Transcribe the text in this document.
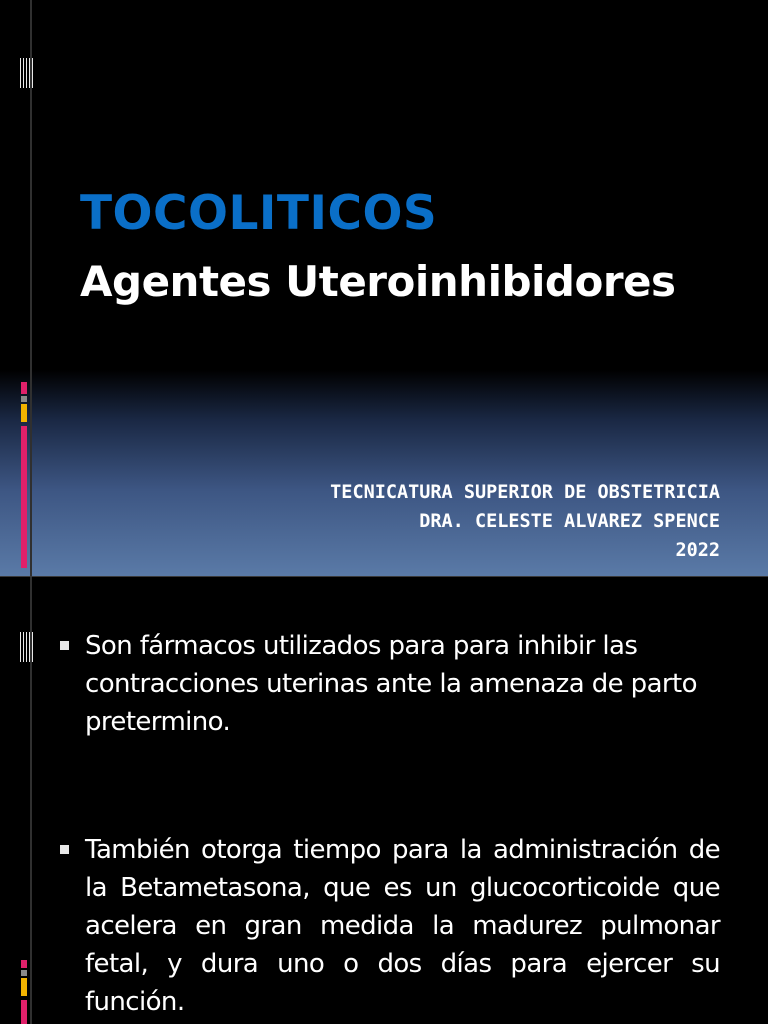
TOCOLITICOS
Agentes Uteroinhibidores
TECNICATURA SUPERIOR DE OBSTETRICIA
DRA. CELESTE ALVAREZ SPENCE
2022
Son fármacos utilizados para para inhibir las contracciones uterinas ante la amenaza de parto pretermino.
También otorga tiempo para la administración de la Betametasona, que es un glucocorticoide que acelera en gran medida la madurez pulmonar fetal, y dura uno o dos días para ejercer su función.
